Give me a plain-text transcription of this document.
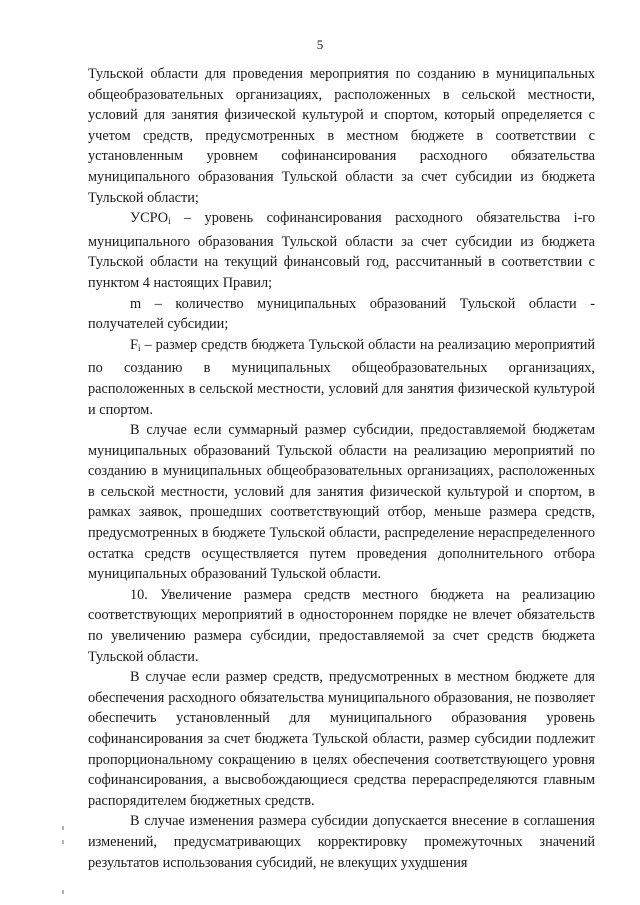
5

Тульской области для проведения мероприятия по созданию в муниципальных общеобразовательных организациях, расположенных в сельской местности, условий для занятия физической культурой и спортом, который определяется с учетом средств, предусмотренных в местном бюджете в соответствии с установленным уровнем софинансирования расходного обязательства муниципального образования Тульской области за счет субсидии из бюджета Тульской области;

$УСРО_i$ – уровень софинансирования расходного обязательства i-го муниципального образования Тульской области за счет субсидии из бюджета Тульской области на текущий финансовый год, рассчитанный в соответствии с пунктом 4 настоящих Правил;

m – количество муниципальных образований Тульской области - получателей субсидии;

$F_i$ – размер средств бюджета Тульской области на реализацию мероприятий по созданию в муниципальных общеобразовательных организациях, расположенных в сельской местности, условий для занятия физической культурой и спортом.

В случае если суммарный размер субсидии, предоставляемой бюджетам муниципальных образований Тульской области на реализацию мероприятий по созданию в муниципальных общеобразовательных организациях, расположенных в сельской местности, условий для занятия физической культурой и спортом, в рамках заявок, прошедших соответствующий отбор, меньше размера средств, предусмотренных в бюджете Тульской области, распределение нераспределенного остатка средств осуществляется путем проведения дополнительного отбора муниципальных образований Тульской области.

10. Увеличение размера средств местного бюджета на реализацию соответствующих мероприятий в одностороннем порядке не влечет обязательств по увеличению размера субсидии, предоставляемой за счет средств бюджета Тульской области.

В случае если размер средств, предусмотренных в местном бюджете для обеспечения расходного обязательства муниципального образования, не позволяет обеспечить установленный для муниципального образования уровень софинансирования за счет бюджета Тульской области, размер субсидии подлежит пропорциональному сокращению в целях обеспечения соответствующего уровня софинансирования, а высвобождающиеся средства перераспределяются главным распорядителем бюджетных средств.

В случае изменения размера субсидии допускается внесение в соглашения изменений, предусматривающих корректировку промежуточных значений результатов использования субсидий, не влекущих ухудшения
